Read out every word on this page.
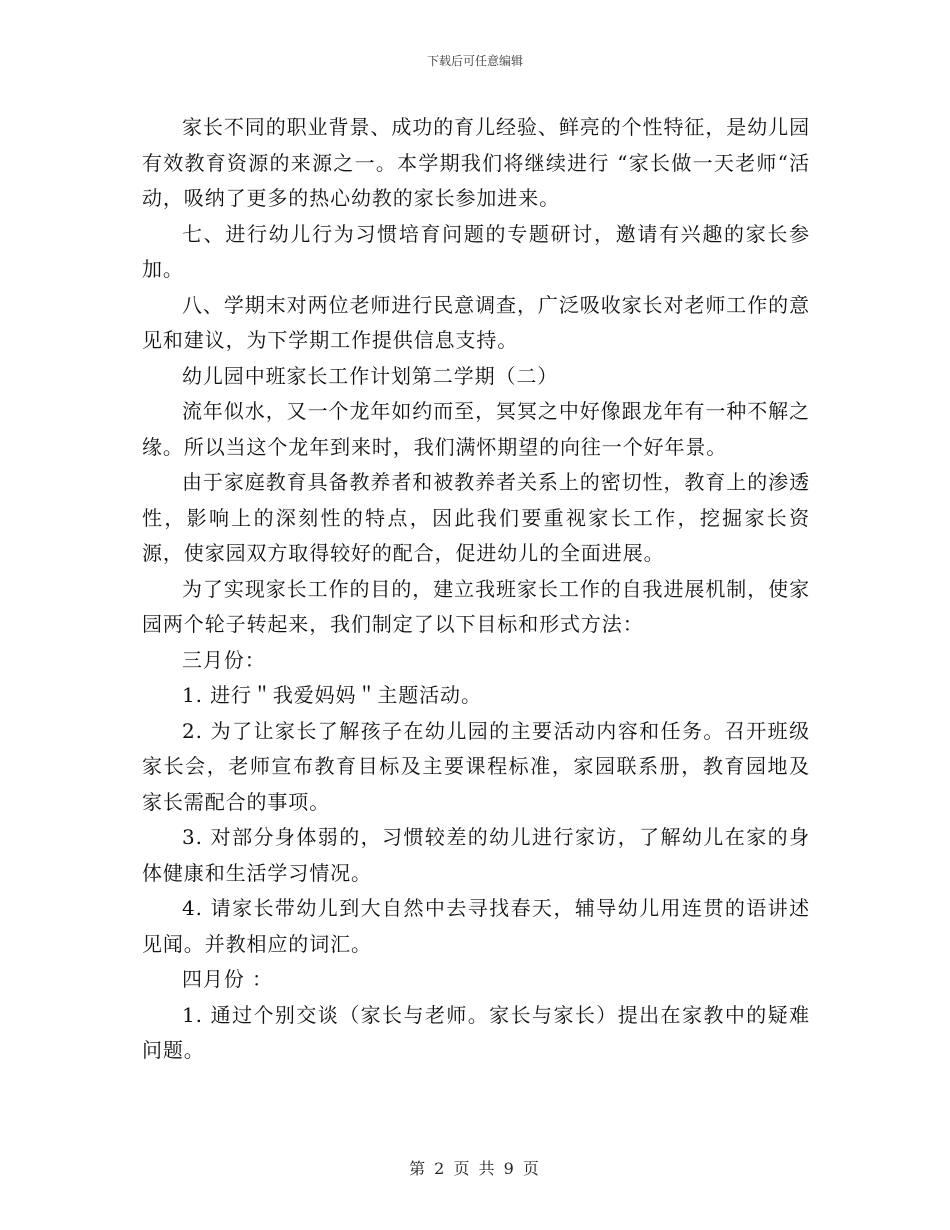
下载后可任意编辑

家长不同的职业背景、成功的育儿经验、鲜亮的个性特征，是幼儿园有效教育资源的来源之一。本学期我们将继续进行 “家长做一天老师“活动，吸纳了更多的热心幼教的家长参加进来。

七、进行幼儿行为习惯培育问题的专题研讨，邀请有兴趣的家长参加。

八、学期末对两位老师进行民意调查，广泛吸收家长对老师工作的意见和建议，为下学期工作提供信息支持。

幼儿园中班家长工作计划第二学期（二）

流年似水，又一个龙年如约而至，冥冥之中好像跟龙年有一种不解之缘。所以当这个龙年到来时，我们满怀期望的向往一个好年景。

由于家庭教育具备教养者和被教养者关系上的密切性，教育上的渗透性，影响上的深刻性的特点，因此我们要重视家长工作，挖掘家长资源，使家园双方取得较好的配合，促进幼儿的全面进展。

为了实现家长工作的目的，建立我班家长工作的自我进展机制，使家园两个轮子转起来，我们制定了以下目标和形式方法：

三月份：

1. 进行＂我爱妈妈＂主题活动。

2. 为了让家长了解孩子在幼儿园的主要活动内容和任务。召开班级家长会，老师宣布教育目标及主要课程标准，家园联系册，教育园地及家长需配合的事项。

3. 对部分身体弱的，习惯较差的幼儿进行家访，了解幼儿在家的身体健康和生活学习情况。

4. 请家长带幼儿到大自然中去寻找春天，辅导幼儿用连贯的语讲述见闻。并教相应的词汇。

四月份 ：

1. 通过个别交谈（家长与老师。家长与家长）提出在家教中的疑难问题。

第 2 页 共 9 页
